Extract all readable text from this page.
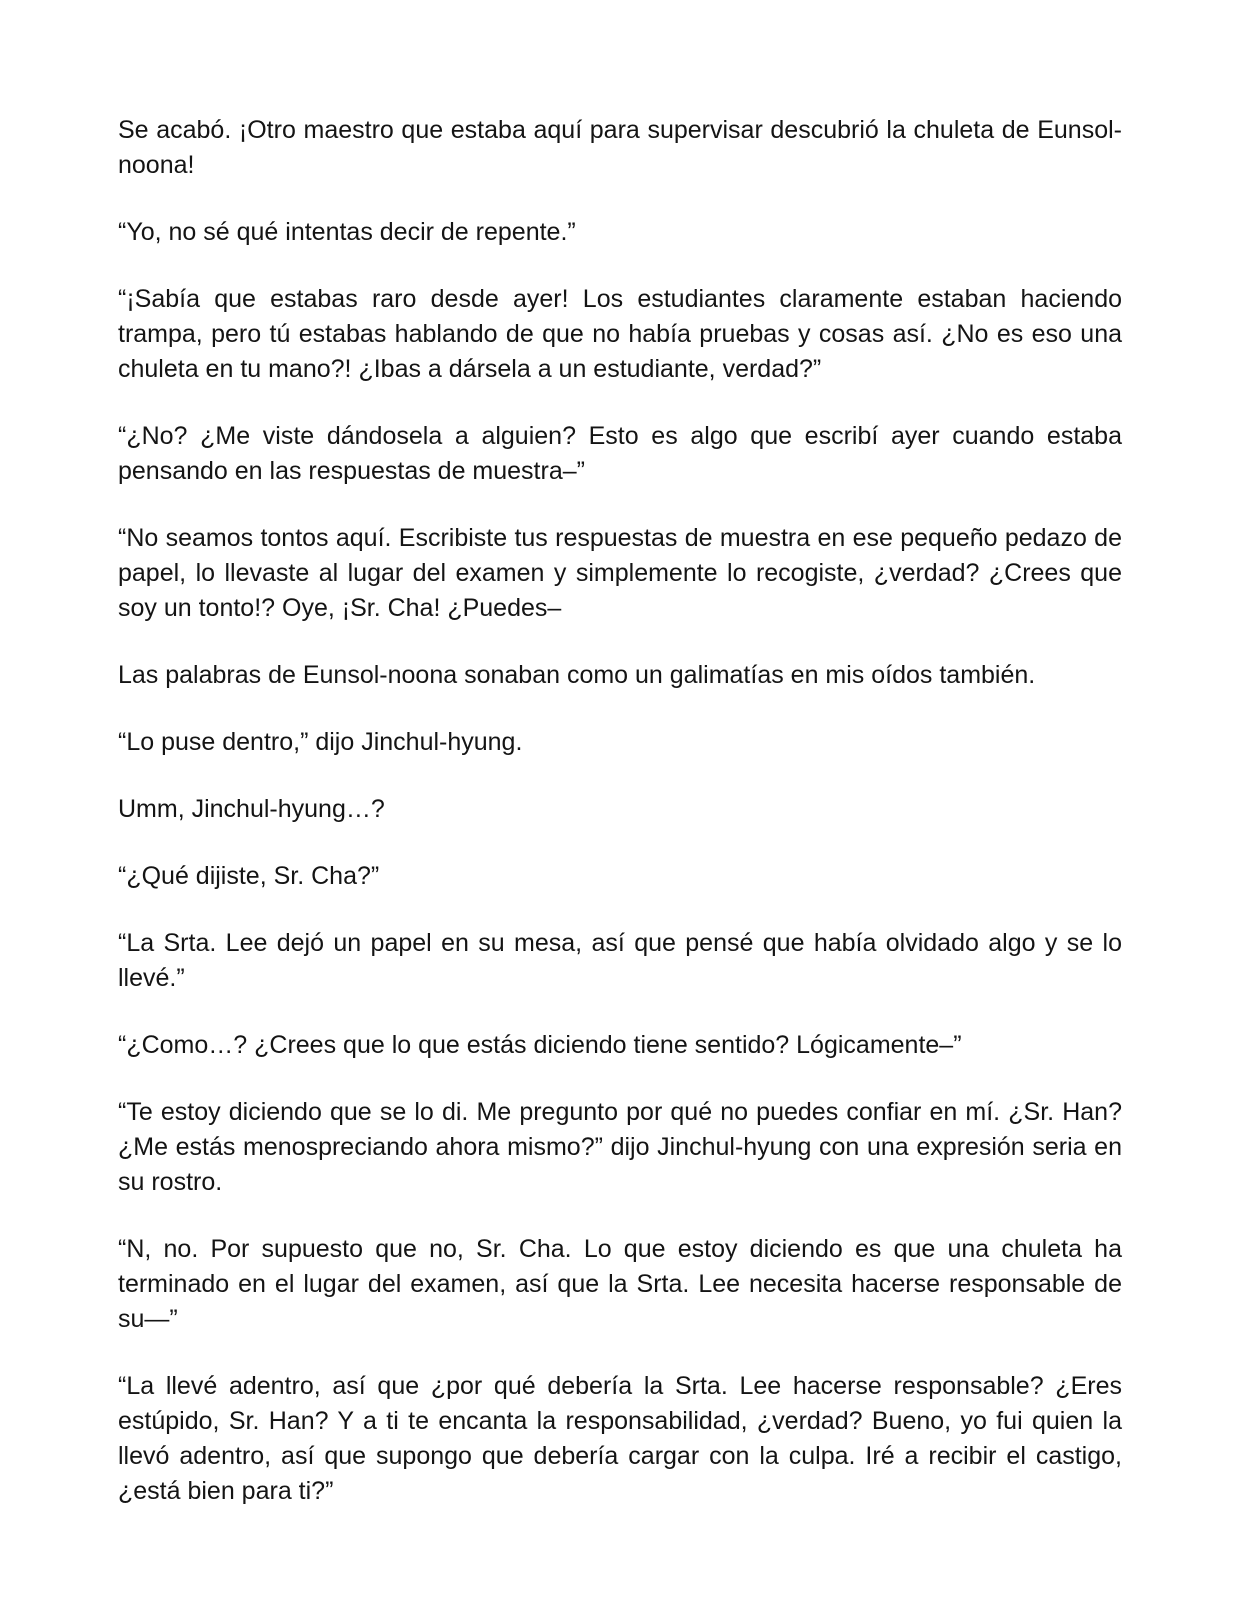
Se acabó. ¡Otro maestro que estaba aquí para supervisar descubrió la chuleta de Eunsol-noona!

“Yo, no sé qué intentas decir de repente.”

“¡Sabía que estabas raro desde ayer! Los estudiantes claramente estaban haciendo trampa, pero tú estabas hablando de que no había pruebas y cosas así. ¿No es eso una chuleta en tu mano?! ¿Ibas a dársela a un estudiante, verdad?”

“¿No? ¿Me viste dándosela a alguien? Esto es algo que escribí ayer cuando estaba pensando en las respuestas de muestra–”

“No seamos tontos aquí. Escribiste tus respuestas de muestra en ese pequeño pedazo de papel, lo llevaste al lugar del examen y simplemente lo recogiste, ¿verdad? ¿Crees que soy un tonto!? Oye, ¡Sr. Cha! ¿Puedes–

Las palabras de Eunsol-noona sonaban como un galimatías en mis oídos también.

“Lo puse dentro,” dijo Jinchul-hyung.

Umm, Jinchul-hyung…?

“¿Qué dijiste, Sr. Cha?”

“La Srta. Lee dejó un papel en su mesa, así que pensé que había olvidado algo y se lo llevé.”

“¿Como…? ¿Crees que lo que estás diciendo tiene sentido? Lógicamente–”

“Te estoy diciendo que se lo di. Me pregunto por qué no puedes confiar en mí. ¿Sr. Han? ¿Me estás menospreciando ahora mismo?” dijo Jinchul-hyung con una expresión seria en su rostro.

“N, no. Por supuesto que no, Sr. Cha. Lo que estoy diciendo es que una chuleta ha terminado en el lugar del examen, así que la Srta. Lee necesita hacerse responsable de su—”

“La llevé adentro, así que ¿por qué debería la Srta. Lee hacerse responsable? ¿Eres estúpido, Sr. Han? Y a ti te encanta la responsabilidad, ¿verdad? Bueno, yo fui quien la llevó adentro, así que supongo que debería cargar con la culpa. Iré a recibir el castigo, ¿está bien para ti?”
